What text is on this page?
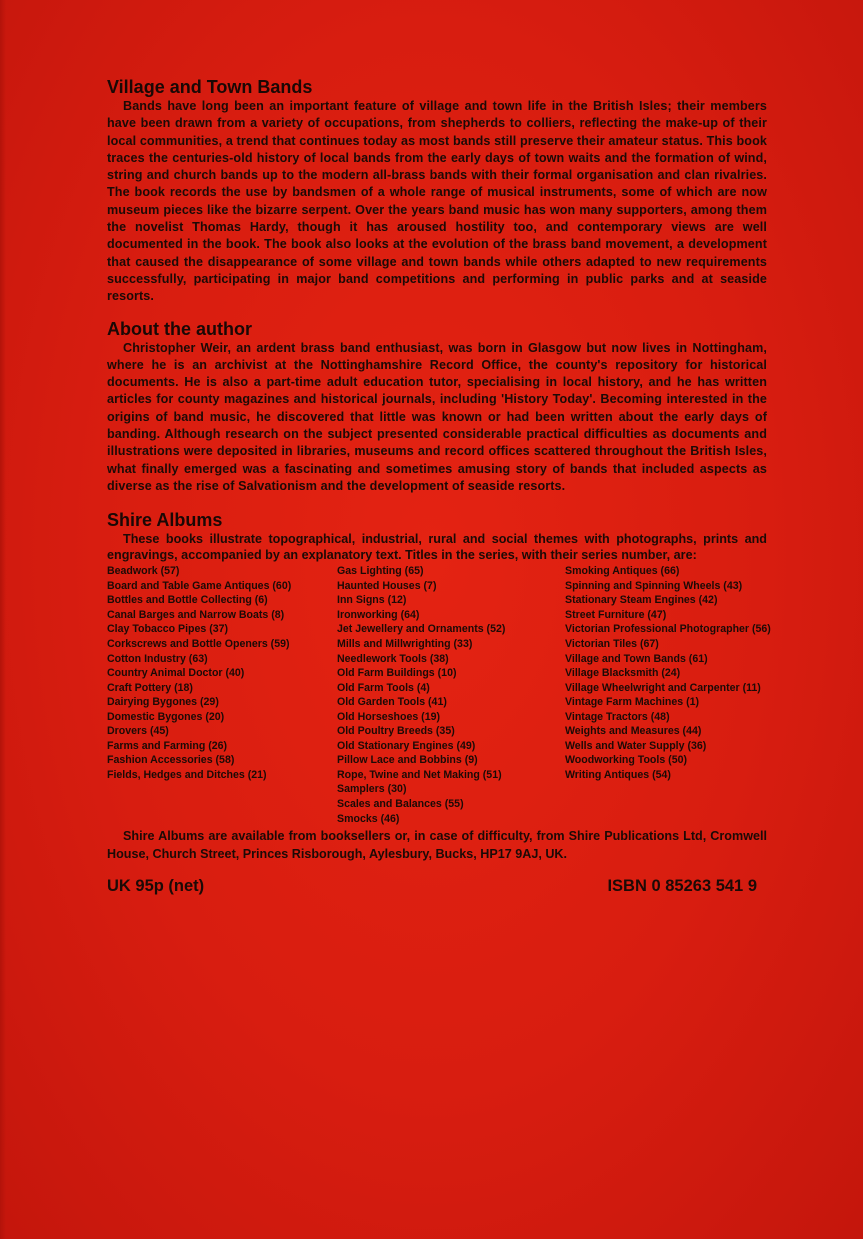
Village and Town Bands

Bands have long been an important feature of village and town life in the British Isles; their members have been drawn from a variety of occupations, from shepherds to colliers, reflecting the make-up of their local communities, a trend that continues today as most bands still preserve their amateur status. This book traces the centuries-old history of local bands from the early days of town waits and the formation of wind, string and church bands up to the modern all-brass bands with their formal organisation and clan rivalries. The book records the use by bandsmen of a whole range of musical instruments, some of which are now museum pieces like the bizarre serpent. Over the years band music has won many supporters, among them the novelist Thomas Hardy, though it has aroused hostility too, and contemporary views are well documented in the book. The book also looks at the evolution of the brass band movement, a development that caused the disappearance of some village and town bands while others adapted to new requirements successfully, participating in major band competitions and performing in public parks and at seaside resorts.

About the author

Christopher Weir, an ardent brass band enthusiast, was born in Glasgow but now lives in Nottingham, where he is an archivist at the Nottinghamshire Record Office, the county's repository for historical documents. He is also a part-time adult education tutor, specialising in local history, and he has written articles for county magazines and historical journals, including 'History Today'. Becoming interested in the origins of band music, he discovered that little was known or had been written about the early days of banding. Although research on the subject presented considerable practical difficulties as documents and illustrations were deposited in libraries, museums and record offices scattered throughout the British Isles, what finally emerged was a fascinating and sometimes amusing story of bands that included aspects as diverse as the rise of Salvationism and the development of seaside resorts.

Shire Albums

These books illustrate topographical, industrial, rural and social themes with photographs, prints and engravings, accompanied by an explanatory text. Titles in the series, with their series number, are:

Beadwork (57)
Board and Table Game Antiques (60)
Bottles and Bottle Collecting (6)
Canal Barges and Narrow Boats (8)
Clay Tobacco Pipes (37)
Corkscrews and Bottle Openers (59)
Cotton Industry (63)
Country Animal Doctor (40)
Craft Pottery (18)
Dairying Bygones (29)
Domestic Bygones (20)
Drovers (45)
Farms and Farming (26)
Fashion Accessories (58)
Fields, Hedges and Ditches (21)
Gas Lighting (65)
Haunted Houses (7)
Inn Signs (12)
Ironworking (64)
Jet Jewellery and Ornaments (52)
Mills and Millwrighting (33)
Needlework Tools (38)
Old Farm Buildings (10)
Old Farm Tools (4)
Old Garden Tools (41)
Old Horseshoes (19)
Old Poultry Breeds (35)
Old Stationary Engines (49)
Pillow Lace and Bobbins (9)
Rope, Twine and Net Making (51)
Samplers (30)
Scales and Balances (55)
Smocks (46)
Smoking Antiques (66)
Spinning and Spinning Wheels (43)
Stationary Steam Engines (42)
Street Furniture (47)
Victorian Professional Photographer (56)
Victorian Tiles (67)
Village and Town Bands (61)
Village Blacksmith (24)
Village Wheelwright and Carpenter (11)
Vintage Farm Machines (1)
Vintage Tractors (48)
Weights and Measures (44)
Wells and Water Supply (36)
Woodworking Tools (50)
Writing Antiques (54)

Shire Albums are available from booksellers or, in case of difficulty, from Shire Publications Ltd, Cromwell House, Church Street, Princes Risborough, Aylesbury, Bucks, HP17 9AJ, UK.

UK 95p (net)	ISBN 0 85263 541 9
